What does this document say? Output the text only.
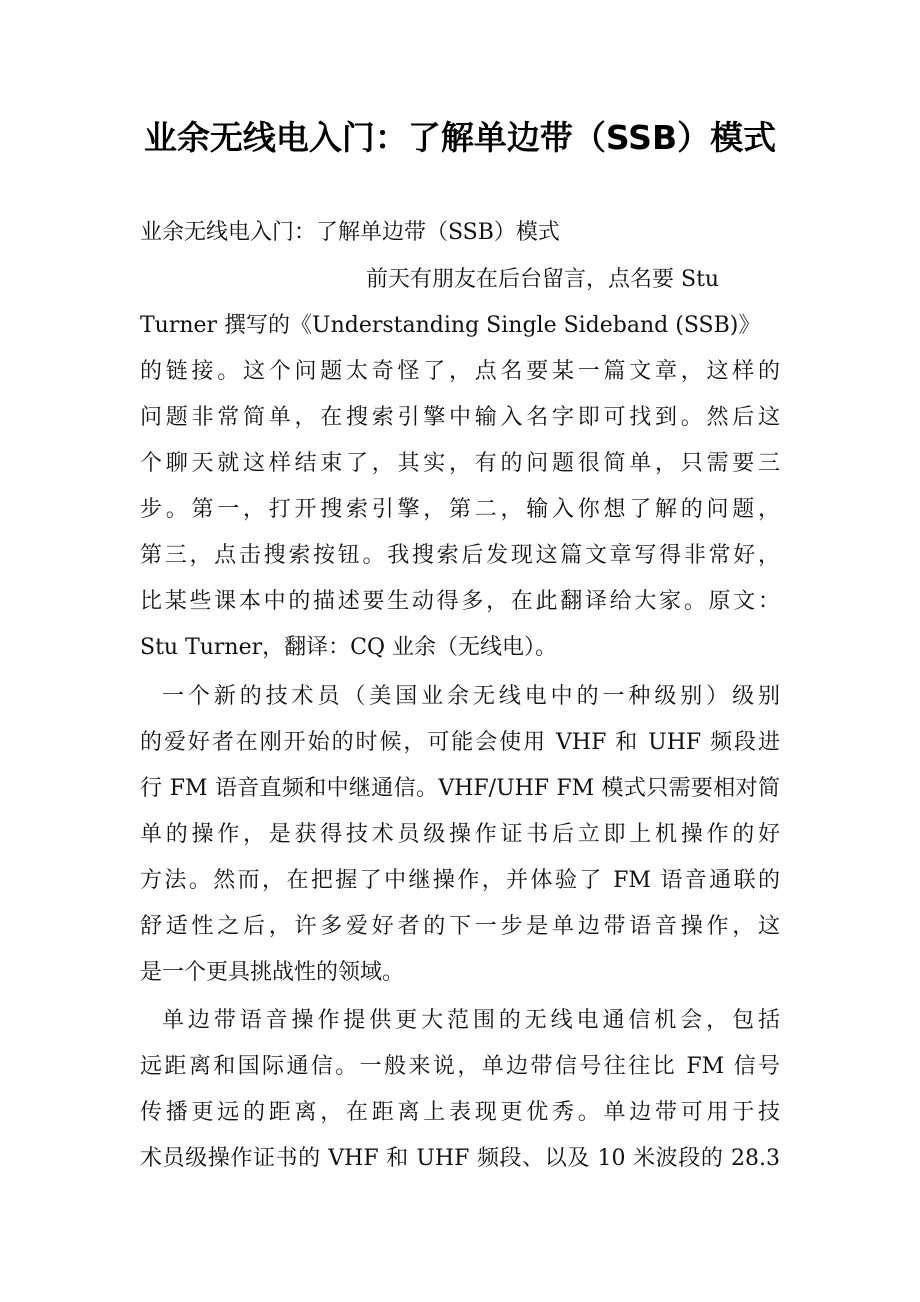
业余无线电入门：了解单边带（SSB）模式

业余无线电入门：了解单边带（SSB）模式

前天有朋友在后台留言，点名要 Stu
Turner 撰写的《Understanding Single Sideband (SSB)》
的链接。这个问题太奇怪了，点名要某一篇文章，这样的
问题非常简单，在搜索引擎中输入名字即可找到。然后这
个聊天就这样结束了，其实，有的问题很简单，只需要三
步。第一，打开搜索引擎，第二，输入你想了解的问题，
第三，点击搜索按钮。我搜索后发现这篇文章写得非常好，
比某些课本中的描述要生动得多，在此翻译给大家。原文：
Stu Turner，翻译：CQ 业余（无线电）。
一个新的技术员（美国业余无线电中的一种级别）级别
的爱好者在刚开始的时候，可能会使用 VHF 和 UHF 频段进
行 FM 语音直频和中继通信。VHF/UHF FM 模式只需要相对简
单的操作，是获得技术员级操作证书后立即上机操作的好
方法。然而，在把握了中继操作，并体验了 FM 语音通联的
舒适性之后，许多爱好者的下一步是单边带语音操作，这
是一个更具挑战性的领域。
单边带语音操作提供更大范围的无线电通信机会，包括
远距离和国际通信。一般来说，单边带信号往往比 FM 信号
传播更远的距离，在距离上表现更优秀。单边带可用于技
术员级操作证书的 VHF 和 UHF 频段、以及 10 米波段的 28.3
